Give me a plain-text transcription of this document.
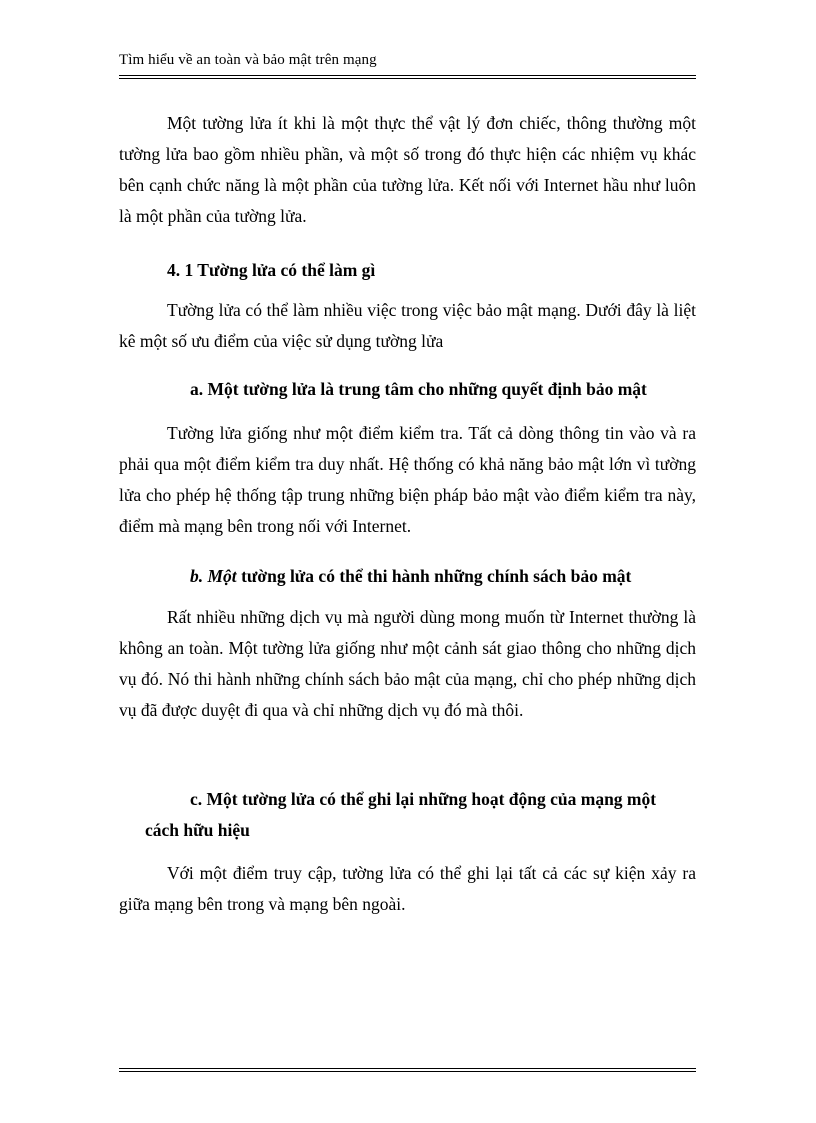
Tìm hiểu về an toàn và bảo mật trên mạng

Một tường lửa ít khi là một thực thể vật lý đơn chiếc, thông thường một tường lửa bao gồm nhiều phần, và một số trong đó thực hiện các nhiệm vụ khác bên cạnh chức năng là một phần của tường lửa. Kết nối với Internet hầu như luôn là một phần của tường lửa.

4. 1 Tường lửa có thể làm gì

Tường lửa có thể làm nhiều việc trong việc bảo mật mạng. Dưới đây là liệt kê một số ưu điểm của việc sử dụng tường lửa

a. Một tường lửa là trung tâm cho những quyết định bảo mật

Tường lửa giống như một điểm kiểm tra. Tất cả dòng thông tin vào và ra phải qua một điểm kiểm tra duy nhất. Hệ thống có khả năng bảo mật lớn vì tường lửa cho phép hệ thống tập trung những biện pháp bảo mật vào điểm kiểm tra này, điểm mà mạng bên trong nối với Internet.

b. Một tường lửa có thể thi hành những chính sách bảo mật

Rất nhiều những dịch vụ mà người dùng mong muốn từ Internet thường là không an toàn. Một tường lửa giống như một cảnh sát giao thông cho những dịch vụ đó. Nó thi hành những chính sách bảo mật của mạng, chỉ cho phép những dịch vụ đã được duyệt đi qua và chỉ những dịch vụ đó mà thôi.

c. Một tường lửa có thể ghi lại những hoạt động của mạng một
cách hữu hiệu

Với một điểm truy cập, tường lửa có thể ghi lại tất cả các sự kiện xảy ra giữa mạng bên trong và mạng bên ngoài.
